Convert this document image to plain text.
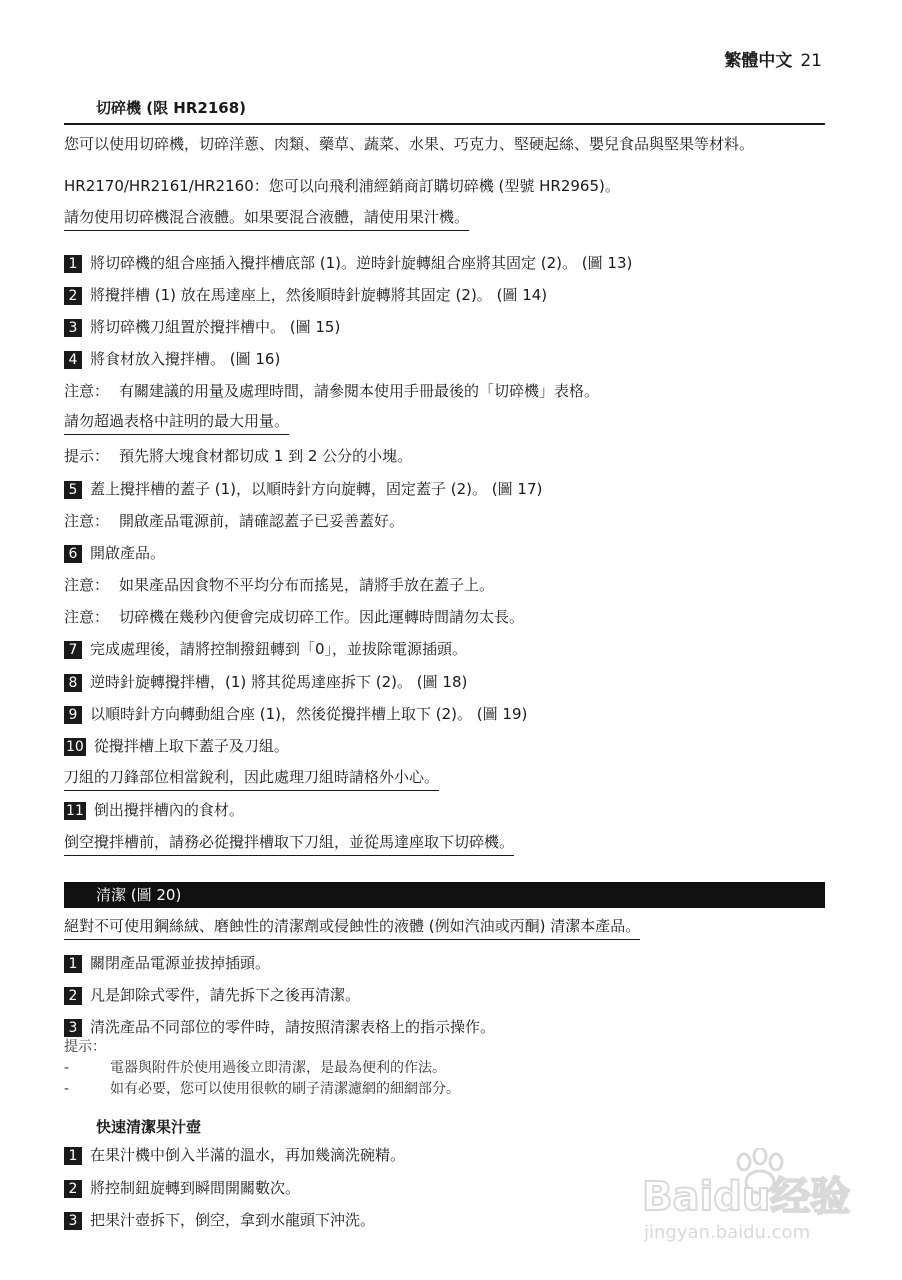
繁體中文 21
切碎機 (限 HR2168)
您可以使用切碎機，切碎洋蔥、肉類、藥草、蔬菜、水果、巧克力、堅硬起絲、嬰兒食品與堅果等材料。
HR2170/HR2161/HR2160：您可以向飛利浦經銷商訂購切碎機 (型號 HR2965)。
請勿使用切碎機混合液體。如果要混合液體，請使用果汁機。
1 將切碎機的組合座插入攪拌槽底部 (1)。逆時針旋轉組合座將其固定 (2)。 (圖 13)
2 將攪拌槽 (1) 放在馬達座上，然後順時針旋轉將其固定 (2)。 (圖 14)
3 將切碎機刀組置於攪拌槽中。 (圖 15)
4 將食材放入攪拌槽。 (圖 16)
注意： 有關建議的用量及處理時間，請參閱本使用手冊最後的「切碎機」表格。
請勿超過表格中註明的最大用量。
提示： 預先將大塊食材都切成 1 到 2 公分的小塊。
5 蓋上攪拌槽的蓋子 (1)，以順時針方向旋轉，固定蓋子 (2)。 (圖 17)
注意： 開啟產品電源前，請確認蓋子已妥善蓋好。
6 開啟產品。
注意： 如果產品因食物不平均分布而搖晃，請將手放在蓋子上。
注意： 切碎機在幾秒內便會完成切碎工作。因此運轉時間請勿太長。
7 完成處理後，請將控制撥鈕轉到「0」，並拔除電源插頭。
8 逆時針旋轉攪拌槽，(1) 將其從馬達座拆下 (2)。 (圖 18)
9 以順時針方向轉動組合座 (1)，然後從攪拌槽上取下 (2)。 (圖 19)
10 從攪拌槽上取下蓋子及刀組。
刀組的刀鋒部位相當銳利，因此處理刀組時請格外小心。
11 倒出攪拌槽內的食材。
倒空攪拌槽前，請務必從攪拌槽取下刀組，並從馬達座取下切碎機。
清潔 (圖 20)
絕對不可使用鋼絲絨、磨蝕性的清潔劑或侵蝕性的液體 (例如汽油或丙酮) 清潔本產品。
1 關閉產品電源並拔掉插頭。
2 凡是卸除式零件，請先拆下之後再清潔。
3 清洗產品不同部位的零件時，請按照清潔表格上的指示操作。
提示：
-	電器與附件於使用過後立即清潔，是最為便利的作法。
-	如有必要，您可以使用很軟的刷子清潔濾網的細網部分。
快速清潔果汁壺
1 在果汁機中倒入半滿的溫水，再加幾滴洗碗精。
2 將控制鈕旋轉到瞬間開關數次。
3 把果汁壺拆下，倒空，拿到水龍頭下沖洗。	Baidu经验
jingyan.baidu.com
